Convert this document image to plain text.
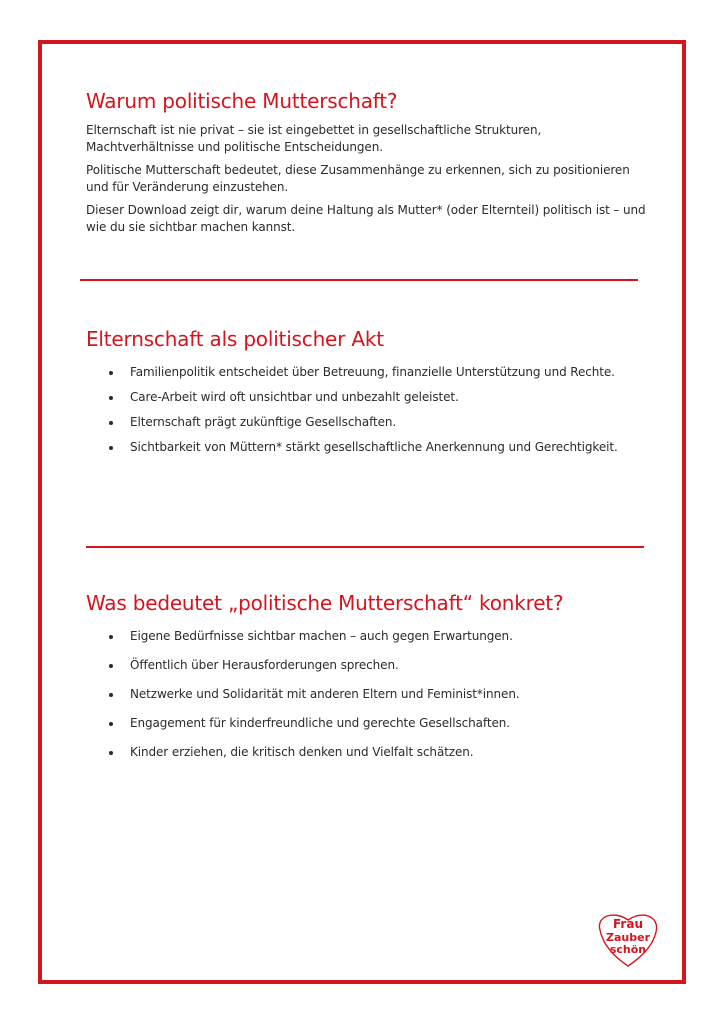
Warum politische Mutterschaft?

Elternschaft ist nie privat – sie ist eingebettet in gesellschaftliche Strukturen, Machtverhältnisse und politische Entscheidungen.

Politische Mutterschaft bedeutet, diese Zusammenhänge zu erkennen, sich zu positionieren und für Veränderung einzustehen.

Dieser Download zeigt dir, warum deine Haltung als Mutter* (oder Elternteil) politisch ist – und wie du sie sichtbar machen kannst.

Elternschaft als politischer Akt
Familienpolitik entscheidet über Betreuung, finanzielle Unterstützung und Rechte.
Care-Arbeit wird oft unsichtbar und unbezahlt geleistet.
Elternschaft prägt zukünftige Gesellschaften.
Sichtbarkeit von Müttern* stärkt gesellschaftliche Anerkennung und Gerechtigkeit.
Was bedeutet „politische Mutterschaft“ konkret?
Eigene Bedürfnisse sichtbar machen – auch gegen Erwartungen.
Öffentlich über Herausforderungen sprechen.
Netzwerke und Solidarität mit anderen Eltern und Feminist*innen.
Engagement für kinderfreundliche und gerechte Gesellschaften.
Kinder erziehen, die kritisch denken und Vielfalt schätzen.
Frau
Zauber
schön
